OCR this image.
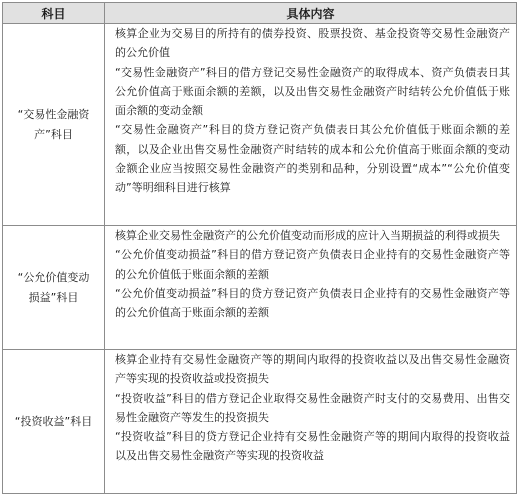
科目	具体内容
“交易性金融资产”科目	核算企业为交易目的所持有的债券投资、股票投资、基金投资等交易性金融资产的公允价值

“交易性金融资产”科目的借方登记交易性金融资产的取得成本、资产负债表日其公允价值高于账面余额的差额，以及出售交易性金融资产时结转公允价值低于账面余额的变动金额

“交易性金融资产”科目的贷方登记资产负债表日其公允价值低于账面余额的差额，以及企业出售交易性金融资产时结转的成本和公允价值高于账面余额的变动金额企业应当按照交易性金融资产的类别和品种，分别设置“成本”“公允价值变动”等明细科目进行核算

“公允价值变动损益”科目	核算企业交易性金融资产的公允价值变动而形成的应计入当期损益的利得或损失

“公允价值变动损益”科目的借方登记资产负债表日企业持有的交易性金融资产等的公允价值低于账面余额的差额

“公允价值变动损益”科目的贷方登记资产负债表日企业持有的交易性金融资产等的公允价值高于账面余额的差额

“投资收益”科目	核算企业持有交易性金融资产等的期间内取得的投资收益以及出售交易性金融资产等实现的投资收益或投资损失

“投资收益”科目的借方登记企业取得交易性金融资产时支付的交易费用、出售交易性金融资产等发生的投资损失

“投资收益”科目的贷方登记企业持有交易性金融资产等的期间内取得的投资收益以及出售交易性金融资产等实现的投资收益
